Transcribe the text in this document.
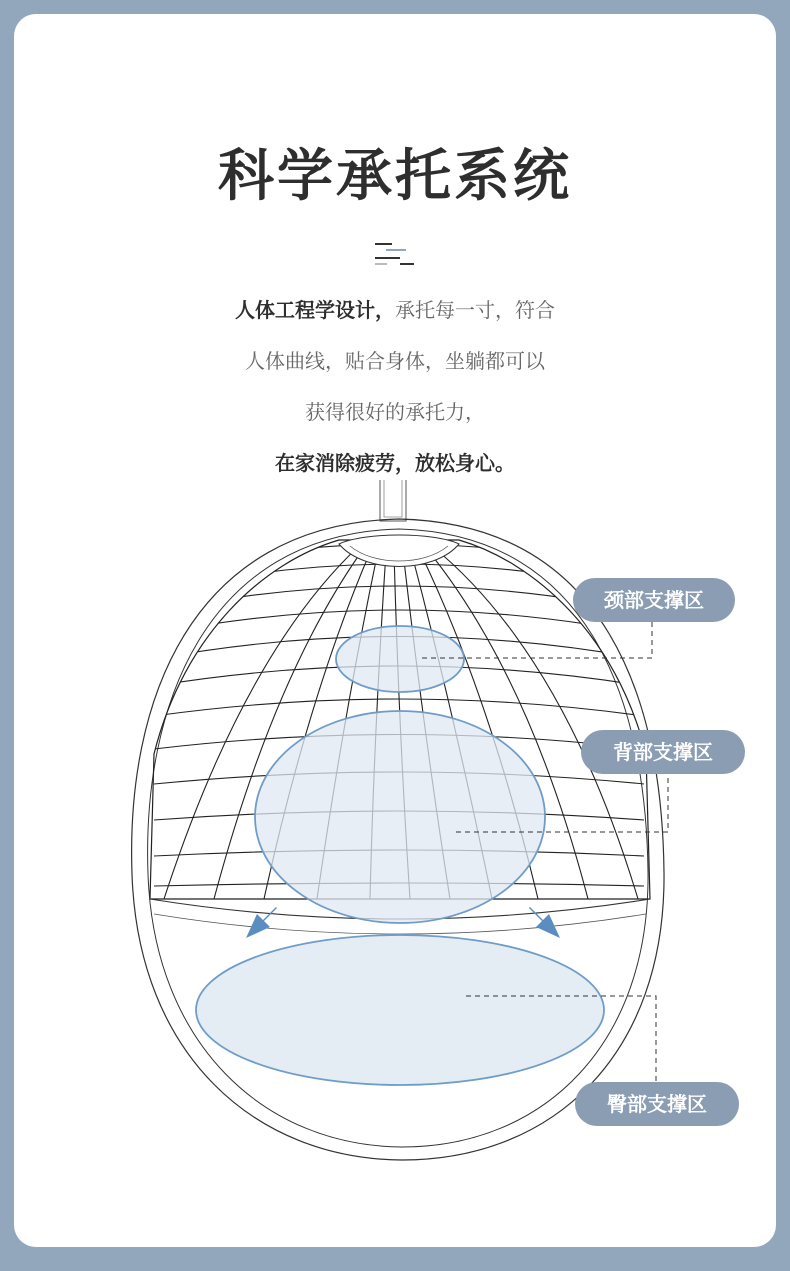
科学承托系统
人体工程学设计，承托每一寸，符合
人体曲线，贴合身体，坐躺都可以
获得很好的承托力，
在家消除疲劳，放松身心。
颈部支撑区
背部支撑区
臀部支撑区
